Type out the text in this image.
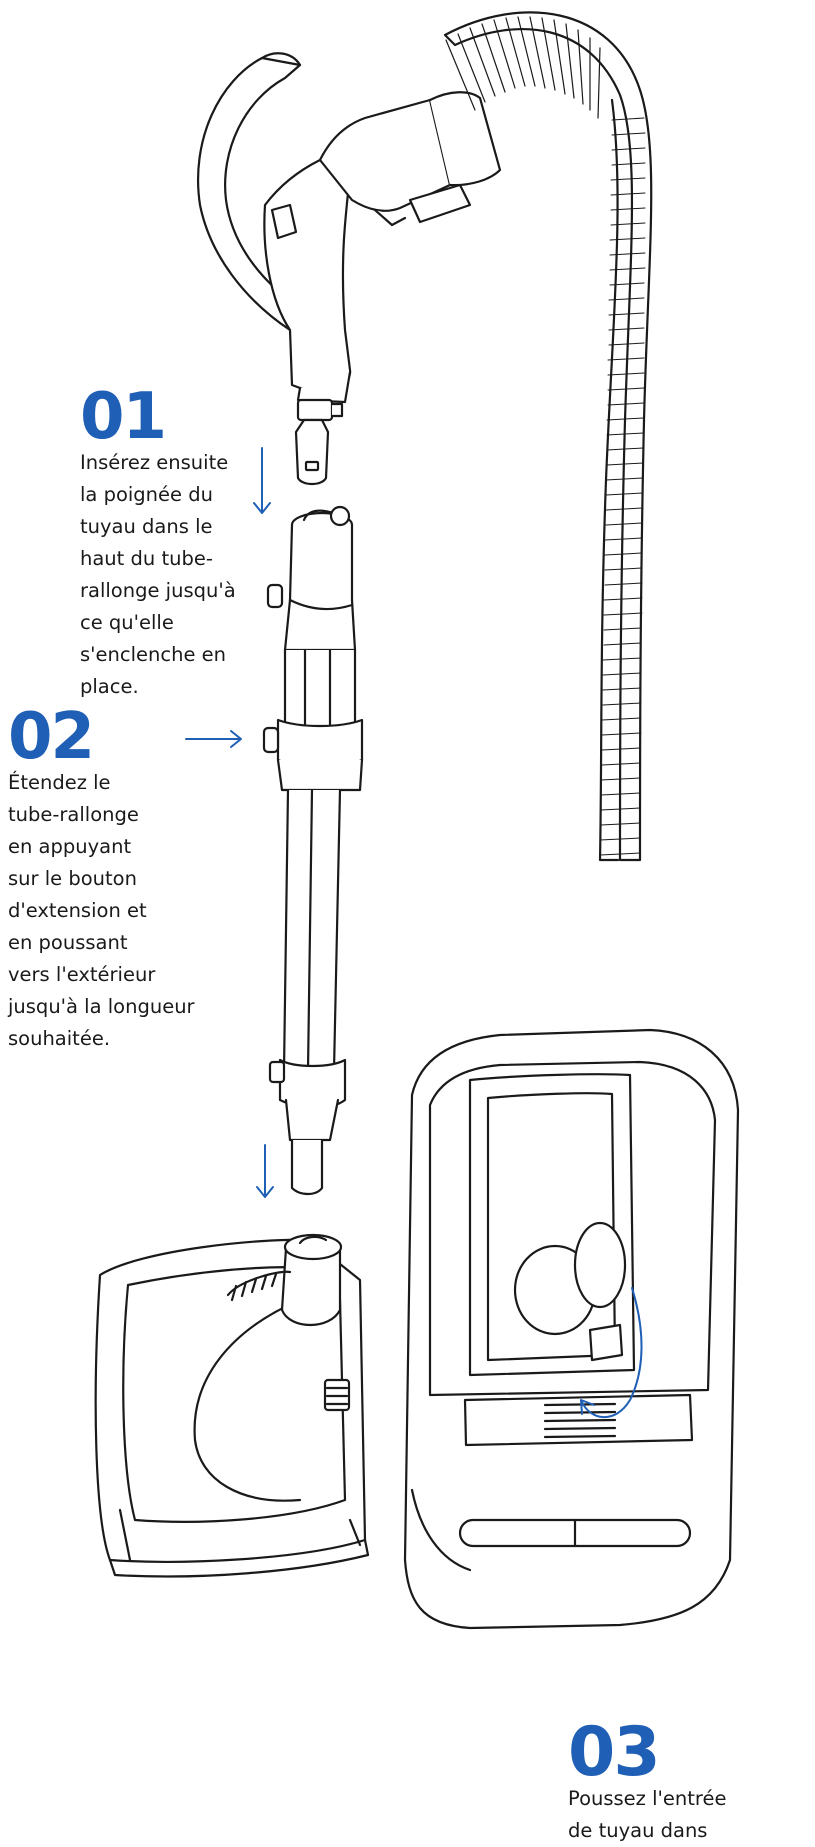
01
Insérez ensuite
la poignée du
tuyau dans le
haut du tube-
rallonge jusqu'à
ce qu'elle
s'enclenche en
place.
02
Étendez le
tube-rallonge
en appuyant
sur le bouton
d'extension et
en poussant
vers l'extérieur
jusqu'à la longueur
souhaitée.
03
Poussez l'entrée
de tuyau dans
